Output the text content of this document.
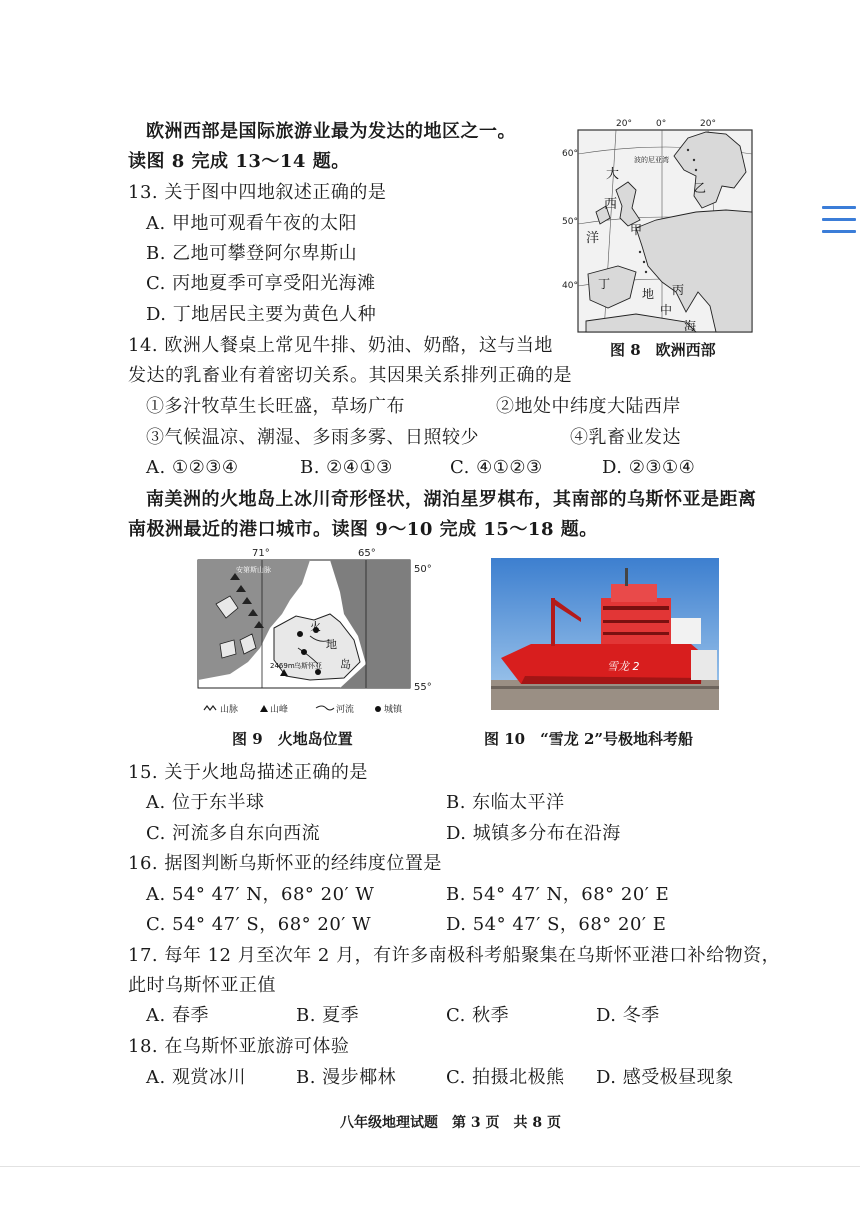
欧洲西部是国际旅游业最为发达的地区之一。
读图 8 完成 13～14 题。
13. 关于图中四地叙述正确的是
A. 甲地可观看午夜的太阳
B. 乙地可攀登阿尔卑斯山
C. 丙地夏季可享受阳光海滩
D. 丁地居民主要为黄色人种
20°	0°	20°
60°
50°
40°
波的尼亚湾
大
西
洋
甲
乙
丙
丁
地
中
海
图 8　欧洲西部
14. 欧洲人餐桌上常见牛排、奶油、奶酪，这与当地
发达的乳畜业有着密切关系。其因果关系排列正确的是
①多汁牧草生长旺盛，草场广布	②地处中纬度大陆西岸
③气候温凉、潮湿、多雨多雾、日照较少	④乳畜业发达
A. ①②③④	B. ②④①③	C. ④①②③	D. ②③①④
南美洲的火地岛上冰川奇形怪状，湖泊星罗棋布，其南部的乌斯怀亚是距离
南极洲最近的港口城市。读图 9～10 完成 15～18 题。
71°	65°
50°
55°
安第斯山脉
火
地
岛
2469m 乌斯怀亚
山脉	山峰	河流	城镇
图 9　火地岛位置
雪龙 2
图 10　“雪龙 2”号极地科考船
15. 关于火地岛描述正确的是
A. 位于东半球	B. 东临太平洋
C. 河流多自东向西流	D. 城镇多分布在沿海
16. 据图判断乌斯怀亚的经纬度位置是
A. 54° 47′ N，68° 20′ W	B. 54° 47′ N，68° 20′ E
C. 54° 47′ S，68° 20′ W	D. 54° 47′ S，68° 20′ E
17. 每年 12 月至次年 2 月，有许多南极科考船聚集在乌斯怀亚港口补给物资，
此时乌斯怀亚正值
A. 春季	B. 夏季	C. 秋季	D. 冬季
18. 在乌斯怀亚旅游可体验
A. 观赏冰川	B. 漫步椰林	C. 拍摄北极熊 D. 感受极昼现象
八年级地理试题　第 3 页　共 8 页
